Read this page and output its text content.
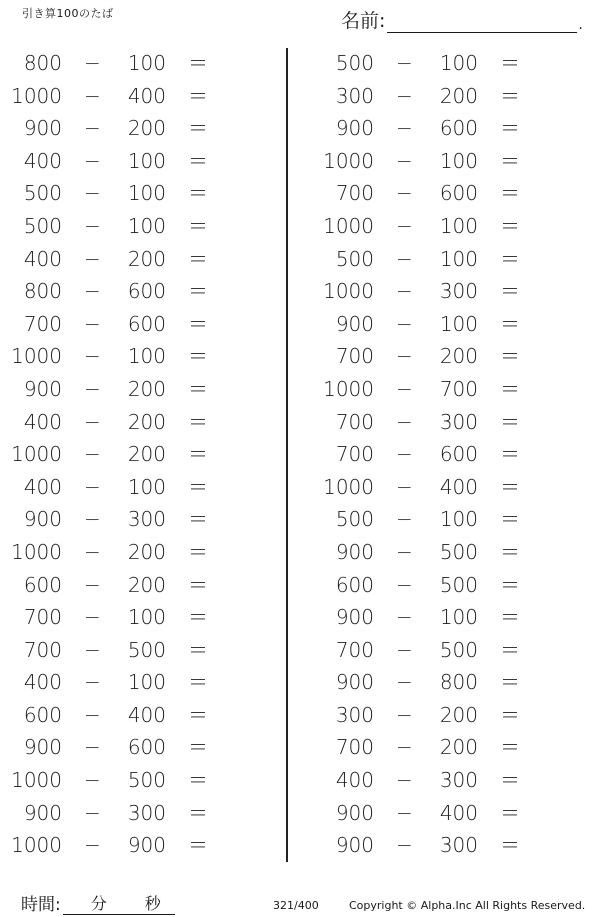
引き算100のたば	名前:	.
800 −	100 ＝
1000 −	400 ＝
900 −	200 ＝
400 −	100 ＝
500 −	100 ＝
500 −	100 ＝
400 −	200 ＝
800 −	600 ＝
700 −	600 ＝
1000 −	100 ＝
900 −	200 ＝
400 −	200 ＝
1000 −	200 ＝
400 −	100 ＝
900 −	300 ＝
1000 −	200 ＝
600 −	200 ＝
700 −	100 ＝
700 −	500 ＝
400 −	100 ＝
600 −	400 ＝
900 −	600 ＝
1000 −	500 ＝
900 −	300 ＝
1000 −	900 ＝
500 −	100 ＝
300 −	200 ＝
900 −	600 ＝
1000 −	100 ＝
700 −	600 ＝
1000 −	100 ＝
500 −	100 ＝
1000 −	300 ＝
900 −	100 ＝
700 −	200 ＝
1000 −	700 ＝
700 −	300 ＝
700 −	600 ＝
1000 −	400 ＝
500 −	100 ＝
900 −	500 ＝
600 −	500 ＝
900 −	100 ＝
700 −	500 ＝
900 −	800 ＝
300 −	200 ＝
700 −	200 ＝
400 −	300 ＝
900 −	400 ＝
900 −	300 ＝
時間: 分 秒	321/400	Copyright © Alpha.Inc All Rights Reserved.
